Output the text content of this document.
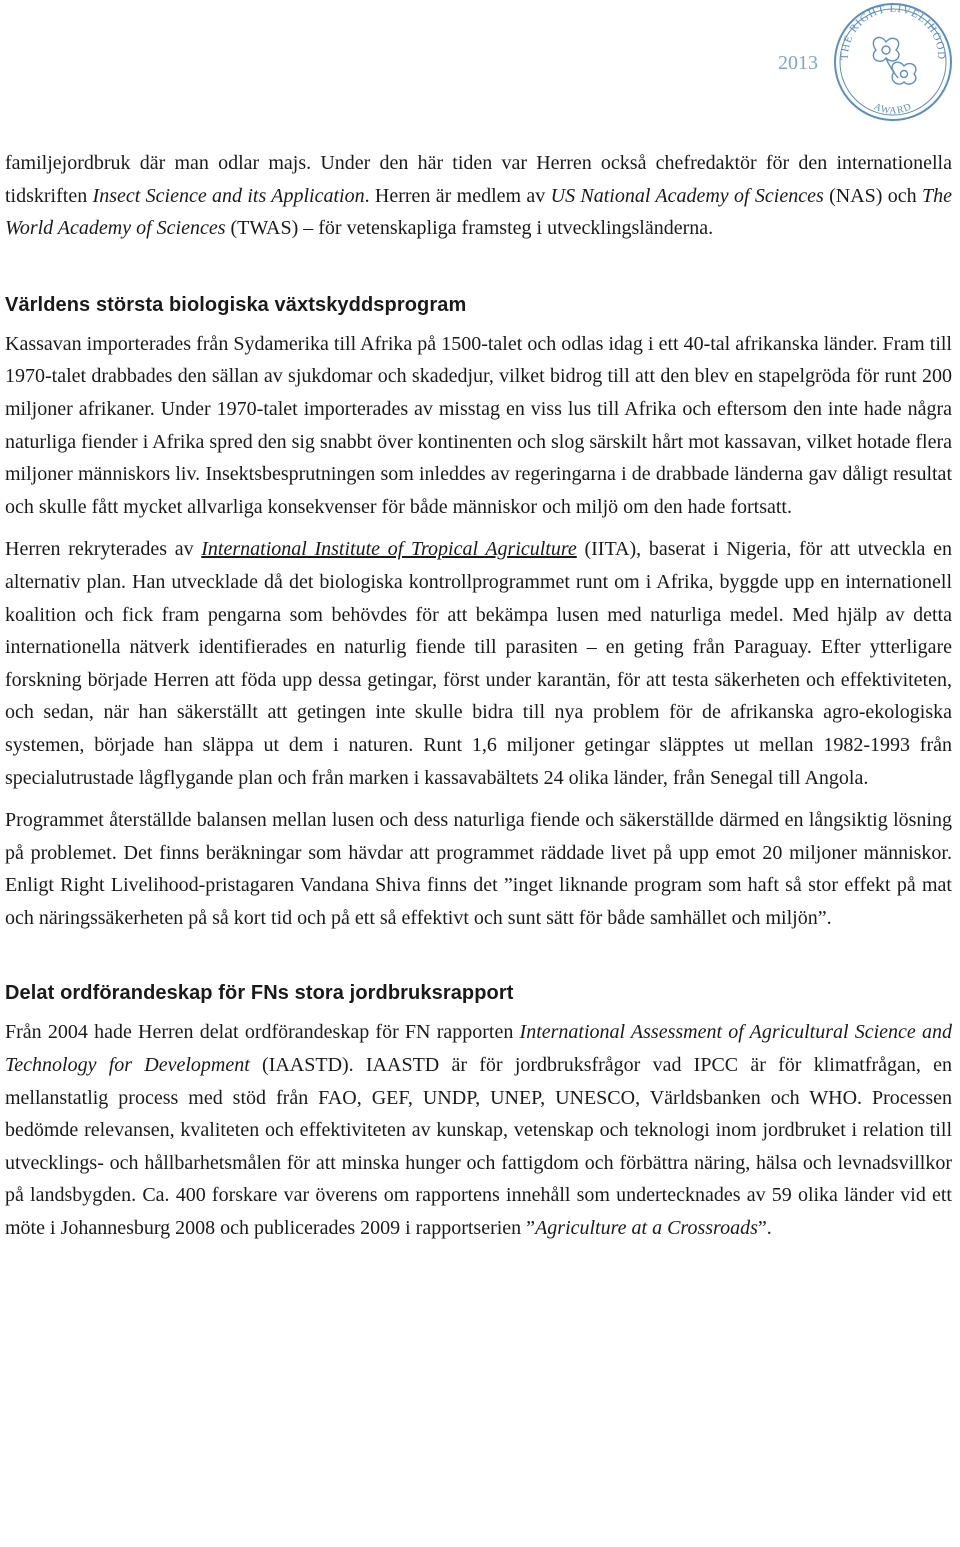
2013 THE RIGHT LIVELIHOOD
AWARD

familjejordbruk där man odlar majs. Under den här tiden var Herren också chefredaktör för den internationella tidskriften Insect Science and its Application. Herren är medlem av US National Academy of Sciences (NAS) och The World Academy of Sciences (TWAS) – för vetenskapliga framsteg i utvecklingsländerna.

Världens största biologiska växtskyddsprogram

Kassavan importerades från Sydamerika till Afrika på 1500-talet och odlas idag i ett 40-tal afrikanska länder. Fram till 1970-talet drabbades den sällan av sjukdomar och skadedjur, vilket bidrog till att den blev en stapelgröda för runt 200 miljoner afrikaner. Under 1970-talet importerades av misstag en viss lus till Afrika och eftersom den inte hade några naturliga fiender i Afrika spred den sig snabbt över kontinenten och slog särskilt hårt mot kassavan, vilket hotade flera miljoner människors liv. Insektsbesprutningen som inleddes av regeringarna i de drabbade länderna gav dåligt resultat och skulle fått mycket allvarliga konsekvenser för både människor och miljö om den hade fortsatt.

Herren rekryterades av International Institute of Tropical Agriculture (IITA), baserat i Nigeria, för att utveckla en alternativ plan. Han utvecklade då det biologiska kontrollprogrammet runt om i Afrika, byggde upp en internationell koalition och fick fram pengarna som behövdes för att bekämpa lusen med naturliga medel. Med hjälp av detta internationella nätverk identifierades en naturlig fiende till parasiten – en geting från Paraguay. Efter ytterligare forskning började Herren att föda upp dessa getingar, först under karantän, för att testa säkerheten och effektiviteten, och sedan, när han säkerställt att getingen inte skulle bidra till nya problem för de afrikanska agro-ekologiska systemen, började han släppa ut dem i naturen. Runt 1,6 miljoner getingar släpptes ut mellan 1982-1993 från specialutrustade lågflygande plan och från marken i kassavabältets 24 olika länder, från Senegal till Angola.

Programmet återställde balansen mellan lusen och dess naturliga fiende och säkerställde därmed en långsiktig lösning på problemet. Det finns beräkningar som hävdar att programmet räddade livet på upp emot 20 miljoner människor. Enligt Right Livelihood-pristagaren Vandana Shiva finns det ”inget liknande program som haft så stor effekt på mat och näringssäkerheten på så kort tid och på ett så effektivt och sunt sätt för både samhället och miljön”.

Delat ordförandeskap för FNs stora jordbruksrapport

Från 2004 hade Herren delat ordförandeskap för FN rapporten International Assessment of Agricultural Science and Technology for Development (IAASTD). IAASTD är för jordbruksfrågor vad IPCC är för klimatfrågan, en mellanstatlig process med stöd från FAO, GEF, UNDP, UNEP, UNESCO, Världsbanken och WHO. Processen bedömde relevansen, kvaliteten och effektiviteten av kunskap, vetenskap och teknologi inom jordbruket i relation till utvecklings- och hållbarhetsmålen för att minska hunger och fattigdom och förbättra näring, hälsa och levnadsvillkor på landsbygden. Ca. 400 forskare var överens om rapportens innehåll som undertecknades av 59 olika länder vid ett möte i Johannesburg 2008 och publicerades 2009 i rapportserien ”Agriculture at a Crossroads”.
